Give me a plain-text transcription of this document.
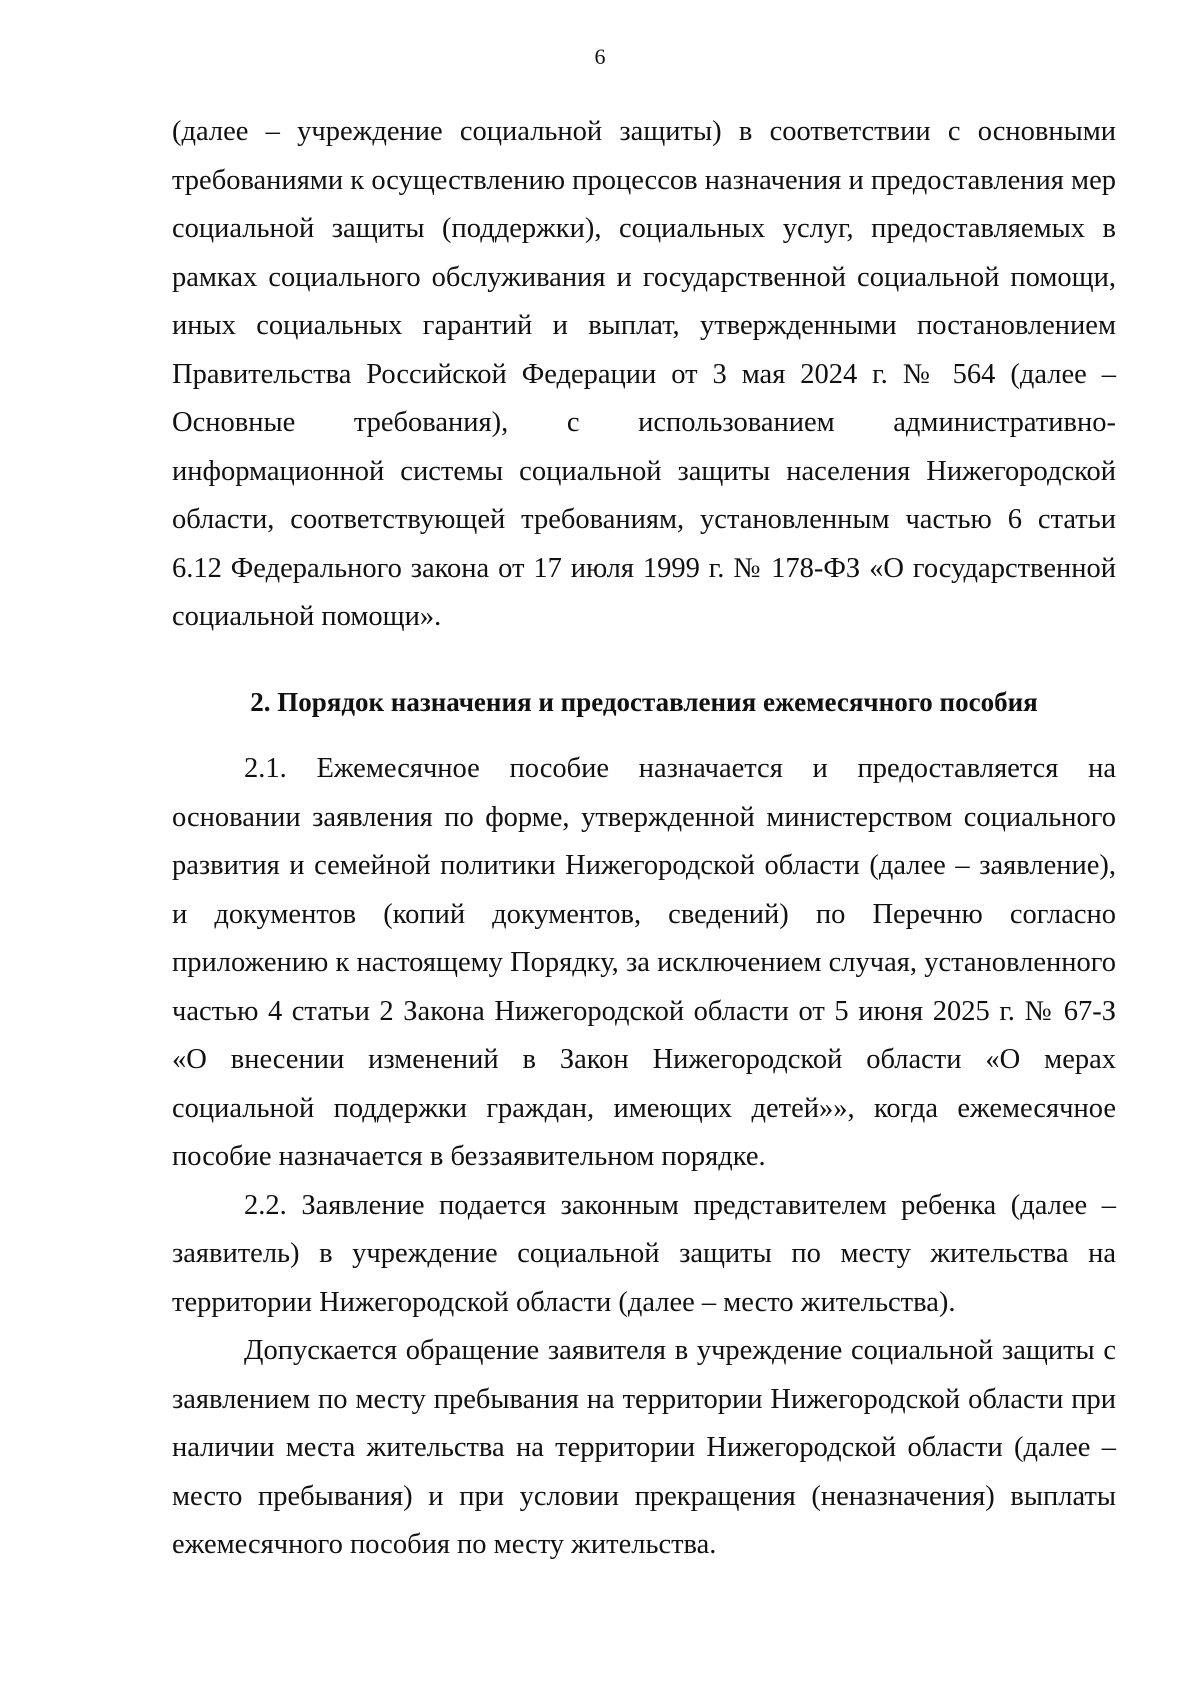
6

(далее – учреждение социальной защиты) в соответствии с основными требованиями к осуществлению процессов назначения и предоставления мер социальной защиты (поддержки), социальных услуг, предоставляемых в рамках социального обслуживания и государственной социальной помощи, иных социальных гарантий и выплат, утвержденными постановлением Правительства Российской Федерации от 3 мая 2024 г. № 564 (далее – Основные требования), с использованием административно-информационной системы социальной защиты населения Нижегородской области, соответствующей требованиям, установленным частью 6 статьи 6.12 Федерального закона от 17 июля 1999 г. № 178-ФЗ «О государственной социальной помощи».

2. Порядок назначения и предоставления ежемесячного пособия

2.1. Ежемесячное пособие назначается и предоставляется на основании заявления по форме, утвержденной министерством социального развития и семейной политики Нижегородской области (далее – заявление), и документов (копий документов, сведений) по Перечню согласно приложению к настоящему Порядку, за исключением случая, установленного частью 4 статьи 2 Закона Нижегородской области от 5 июня 2025 г. № 67-З «О внесении изменений в Закон Нижегородской области «О мерах социальной поддержки граждан, имеющих детей»», когда ежемесячное пособие назначается в беззаявительном порядке.

2.2. Заявление подается законным представителем ребенка (далее – заявитель) в учреждение социальной защиты по месту жительства на территории Нижегородской области (далее – место жительства).

Допускается обращение заявителя в учреждение социальной защиты с заявлением по месту пребывания на территории Нижегородской области при наличии места жительства на территории Нижегородской области (далее – место пребывания) и при условии прекращения (неназначения) выплаты ежемесячного пособия по месту жительства.
